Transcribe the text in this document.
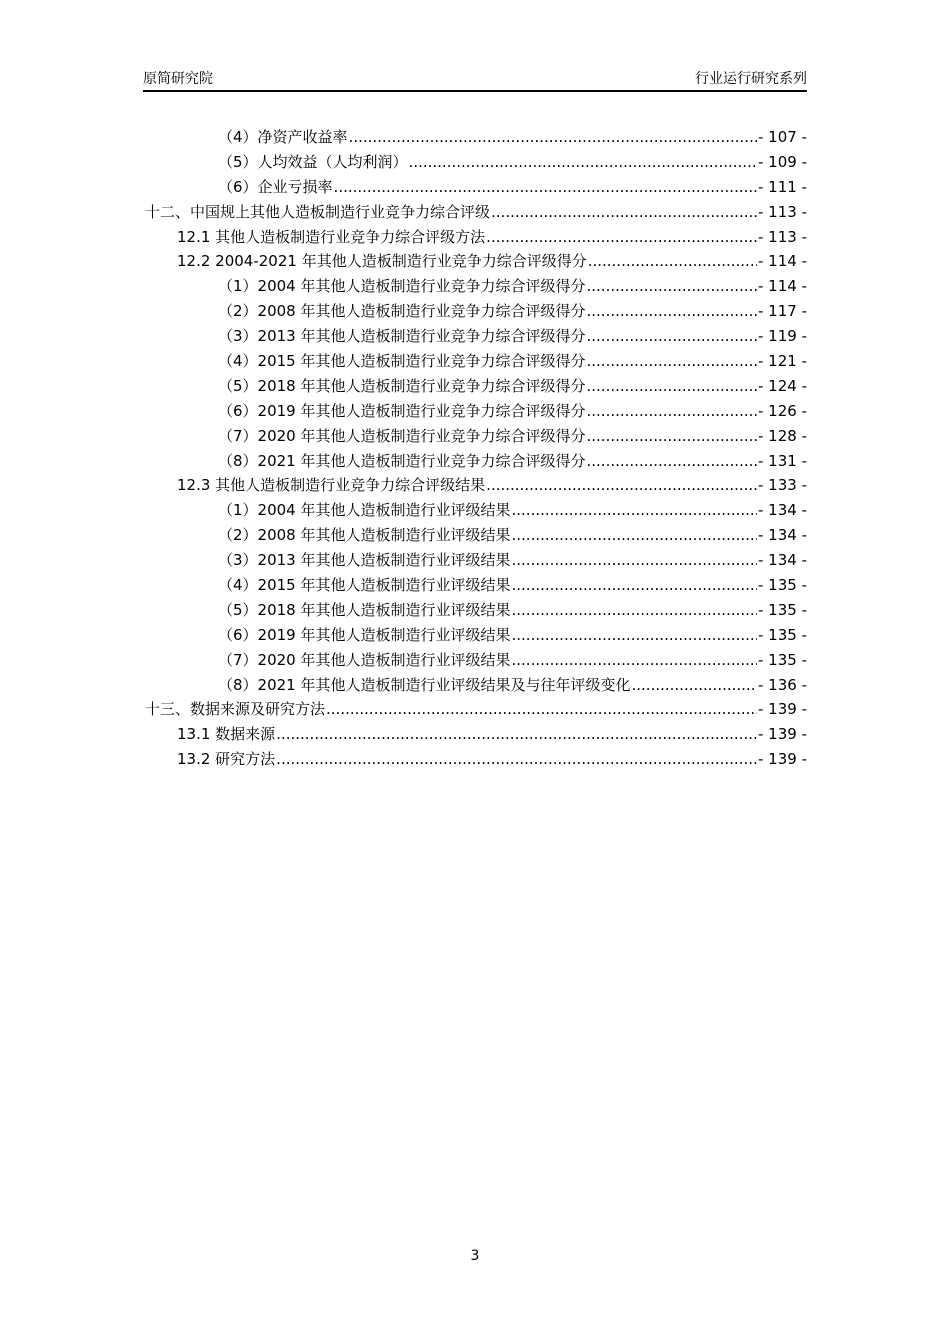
原简研究院	行业运行研究系列
（4）净资产收益率 .....	- 107 -
（5）人均效益（人均利润） .....	- 109 -
（6）企业亏损率 .....	- 111 -
十二、中国规上其他人造板制造行业竞争力综合评级 .....	- 113 -
12.1 其他人造板制造行业竞争力综合评级方法 .....	- 113 -
12.2 2004-2021 年其他人造板制造行业竞争力综合评级得分 .....	- 114 -
（1）2004 年其他人造板制造行业竞争力综合评级得分 .....	- 114 -
（2）2008 年其他人造板制造行业竞争力综合评级得分 .....	- 117 -
（3）2013 年其他人造板制造行业竞争力综合评级得分 .....	- 119 -
（4）2015 年其他人造板制造行业竞争力综合评级得分 .....	- 121 -
（5）2018 年其他人造板制造行业竞争力综合评级得分 .....	- 124 -
（6）2019 年其他人造板制造行业竞争力综合评级得分 .....	- 126 -
（7）2020 年其他人造板制造行业竞争力综合评级得分 .....	- 128 -
（8）2021 年其他人造板制造行业竞争力综合评级得分 .....	- 131 -
12.3 其他人造板制造行业竞争力综合评级结果 .....	- 133 -
（1）2004 年其他人造板制造行业评级结果 .....	- 134 -
（2）2008 年其他人造板制造行业评级结果 .....	- 134 -
（3）2013 年其他人造板制造行业评级结果 .....	- 134 -
（4）2015 年其他人造板制造行业评级结果 .....	- 135 -
（5）2018 年其他人造板制造行业评级结果 .....	- 135 -
（6）2019 年其他人造板制造行业评级结果 .....	- 135 -
（7）2020 年其他人造板制造行业评级结果 .....	- 135 -
（8）2021 年其他人造板制造行业评级结果及与往年评级变化 .....	- 136 -
十三、数据来源及研究方法 .....	- 139 -
13.1 数据来源 .....	- 139 -
13.2 研究方法 .....	- 139 -
3
